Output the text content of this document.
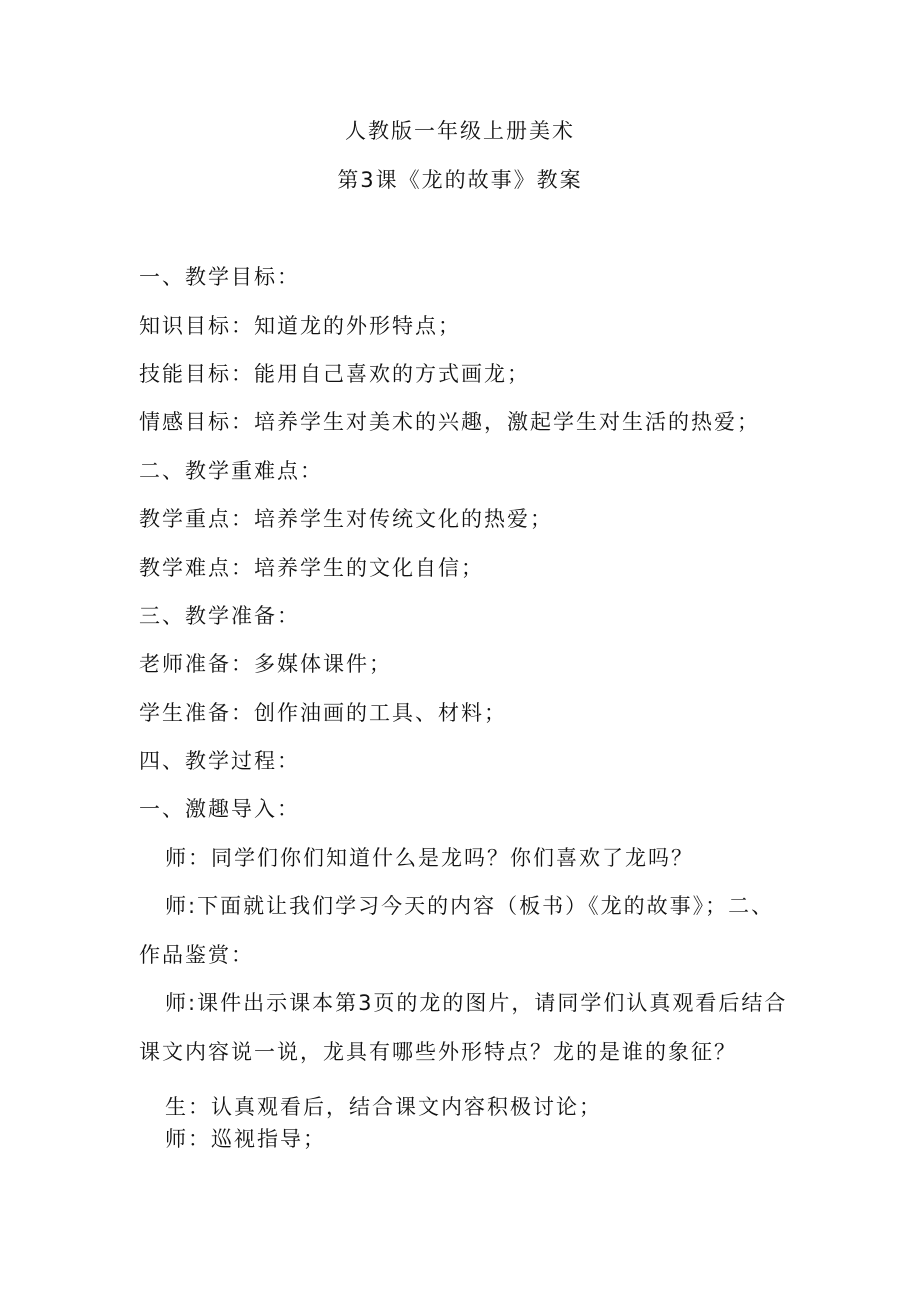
人教版一年级上册美术
第3课《龙的故事》教案
一、教学目标：
知识目标：知道龙的外形特点；
技能目标：能用自己喜欢的方式画龙；
情感目标：培养学生对美术的兴趣，激起学生对生活的热爱；
二、教学重难点：
教学重点：培养学生对传统文化的热爱；
教学难点：培养学生的文化自信；
三、教学准备：
老师准备：多媒体课件；
学生准备：创作油画的工具、材料；
四、教学过程：
一、激趣导入：
师：同学们你们知道什么是龙吗？你们喜欢了龙吗？
师:下面就让我们学习今天的内容（板书）《龙的故事》；二、
作品鉴赏：
师:课件出示课本第3页的龙的图片，请同学们认真观看后结合
课文内容说一说，龙具有哪些外形特点？龙的是谁的象征？
生：认真观看后，结合课文内容积极讨论；
师：巡视指导；
